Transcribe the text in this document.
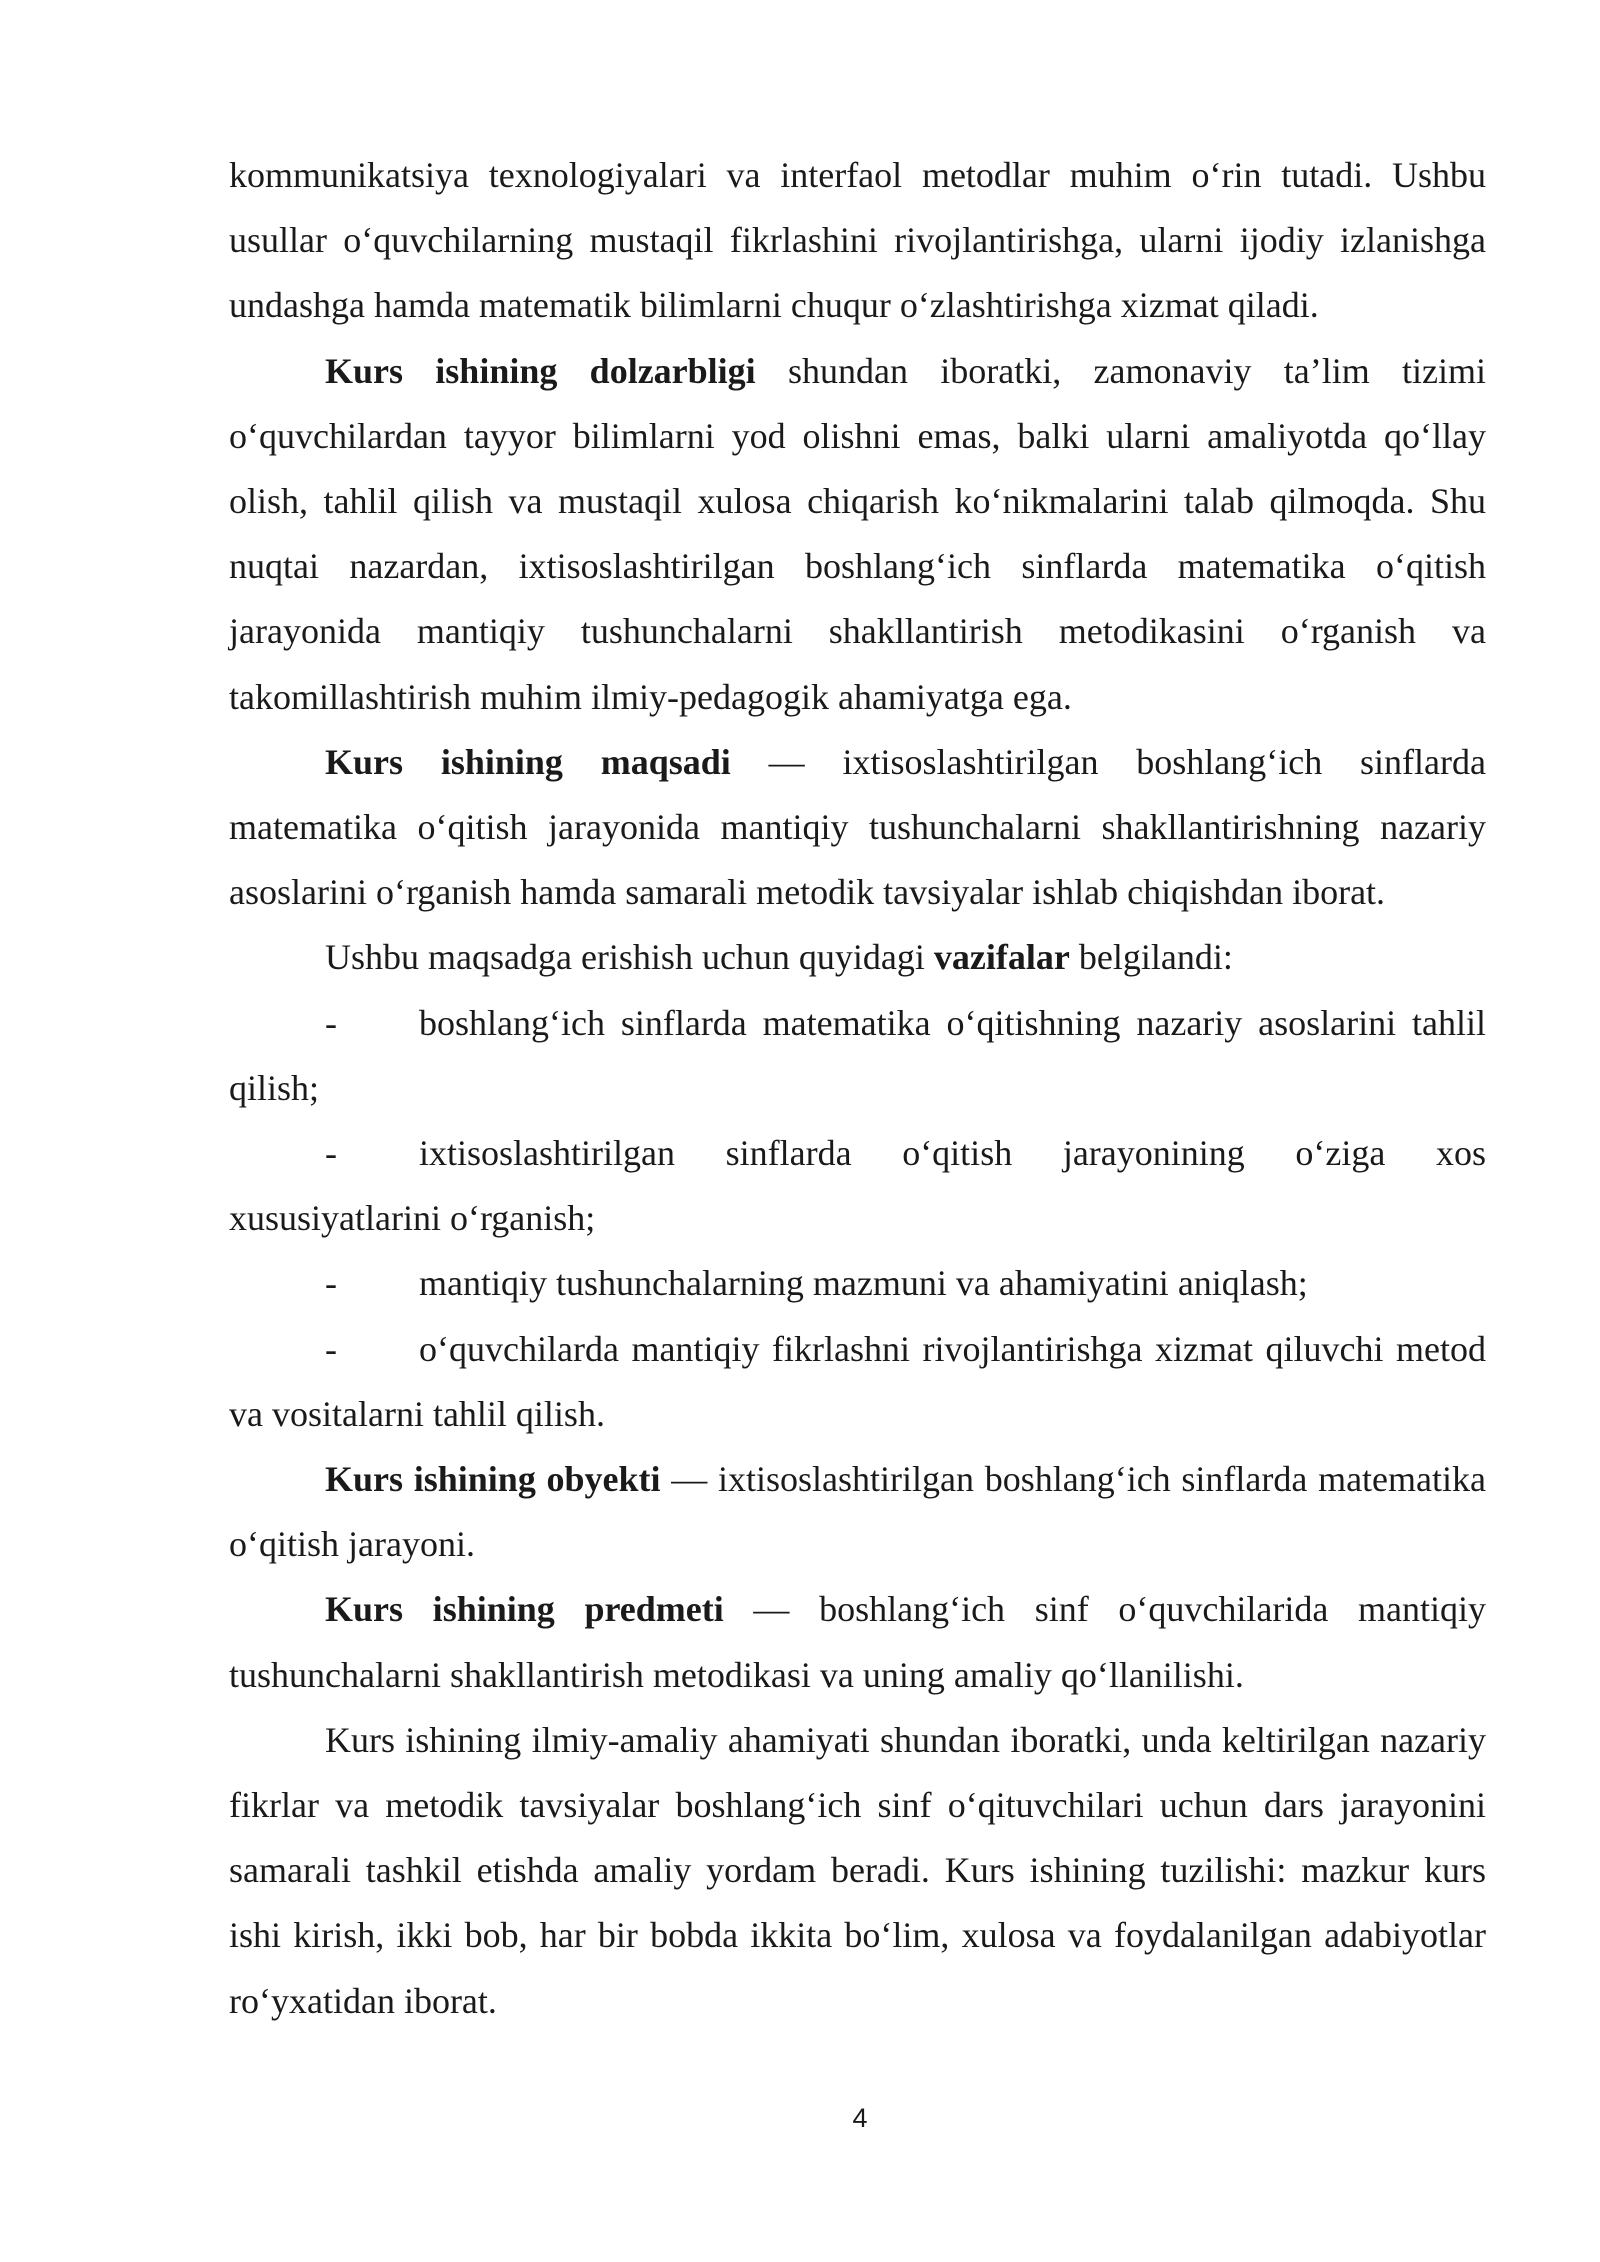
kommunikatsiya texnologiyalari va interfaol metodlar muhim o‘rin tutadi. Ushbu usullar o‘quvchilarning mustaqil fikrlashini rivojlantirishga, ularni ijodiy izlanishga undashga hamda matematik bilimlarni chuqur o‘zlashtirishga xizmat qiladi.

Kurs ishining dolzarbligi shundan iboratki, zamonaviy ta’lim tizimi o‘quvchilardan tayyor bilimlarni yod olishni emas, balki ularni amaliyotda qo‘llay olish, tahlil qilish va mustaqil xulosa chiqarish ko‘nikmalarini talab qilmoqda. Shu nuqtai nazardan, ixtisoslashtirilgan boshlang‘ich sinflarda matematika o‘qitish jarayonida mantiqiy tushunchalarni shakllantirish metodikasini o‘rganish va takomillashtirish muhim ilmiy-pedagogik ahamiyatga ega.

Kurs ishining maqsadi — ixtisoslashtirilgan boshlang‘ich sinflarda matematika o‘qitish jarayonida mantiqiy tushunchalarni shakllantirishning nazariy asoslarini o‘rganish hamda samarali metodik tavsiyalar ishlab chiqishdan iborat.

Ushbu maqsadga erishish uchun quyidagi vazifalar belgilandi:

- boshlang‘ich sinflarda matematika o‘qitishning nazariy asoslarini tahlil qilish;

- ixtisoslashtirilgan sinflarda o‘qitish jarayonining o‘ziga xos xususiyatlarini o‘rganish;

- mantiqiy tushunchalarning mazmuni va ahamiyatini aniqlash;

- o‘quvchilarda mantiqiy fikrlashni rivojlantirishga xizmat qiluvchi metod va vositalarni tahlil qilish.

Kurs ishining obyekti — ixtisoslashtirilgan boshlang‘ich sinflarda matematika o‘qitish jarayoni.

Kurs ishining predmeti — boshlang‘ich sinf o‘quvchilarida mantiqiy tushunchalarni shakllantirish metodikasi va uning amaliy qo‘llanilishi.

Kurs ishining ilmiy-amaliy ahamiyati shundan iboratki, unda keltirilgan nazariy fikrlar va metodik tavsiyalar boshlang‘ich sinf o‘qituvchilari uchun dars jarayonini samarali tashkil etishda amaliy yordam beradi. Kurs ishining tuzilishi: mazkur kurs ishi kirish, ikki bob, har bir bobda ikkita bo‘lim, xulosa va foydalanilgan adabiyotlar ro‘yxatidan iborat.

4
